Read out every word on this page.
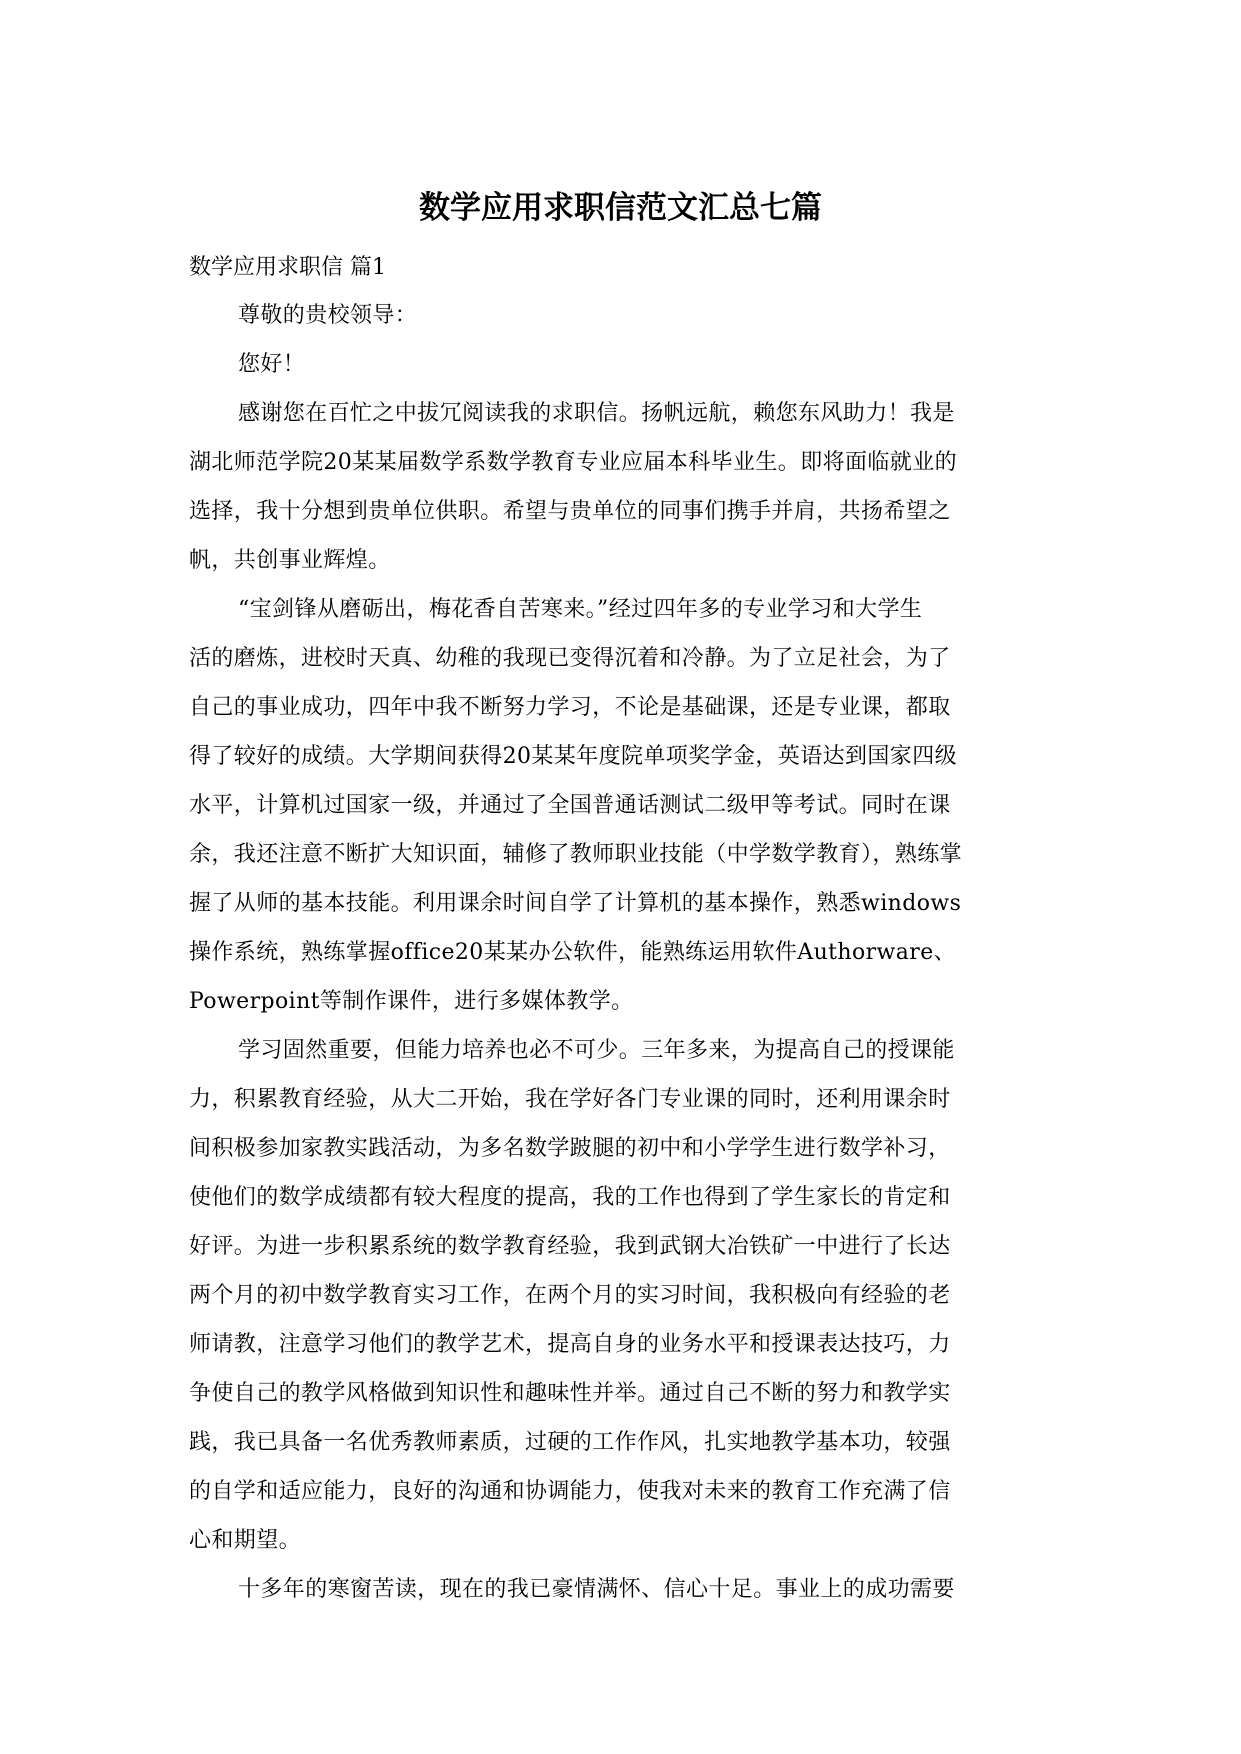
数学应用求职信范文汇总七篇

数学应用求职信 篇1

尊敬的贵校领导：

您好！

感谢您在百忙之中拔冗阅读我的求职信。扬帆远航，赖您东风助力！我是

湖北师范学院20某某届数学系数学教育专业应届本科毕业生。即将面临就业的

选择，我十分想到贵单位供职。希望与贵单位的同事们携手并肩，共扬希望之

帆，共创事业辉煌。

“宝剑锋从磨砺出，梅花香自苦寒来。”经过四年多的专业学习和大学生

活的磨炼，进校时天真、幼稚的我现已变得沉着和冷静。为了立足社会，为了

自己的事业成功，四年中我不断努力学习，不论是基础课，还是专业课，都取

得了较好的成绩。大学期间获得20某某年度院单项奖学金，英语达到国家四级

水平，计算机过国家一级，并通过了全国普通话测试二级甲等考试。同时在课

余，我还注意不断扩大知识面，辅修了教师职业技能（中学数学教育），熟练掌

握了从师的基本技能。利用课余时间自学了计算机的基本操作，熟悉windows

操作系统，熟练掌握office20某某办公软件，能熟练运用软件Authorware、

Powerpoint等制作课件，进行多媒体教学。

学习固然重要，但能力培养也必不可少。三年多来，为提高自己的授课能

力，积累教育经验，从大二开始，我在学好各门专业课的同时，还利用课余时

间积极参加家教实践活动，为多名数学跛腿的初中和小学学生进行数学补习，

使他们的数学成绩都有较大程度的提高，我的工作也得到了学生家长的肯定和

好评。为进一步积累系统的数学教育经验，我到武钢大冶铁矿一中进行了长达

两个月的初中数学教育实习工作，在两个月的实习时间，我积极向有经验的老

师请教，注意学习他们的教学艺术，提高自身的业务水平和授课表达技巧，力

争使自己的教学风格做到知识性和趣味性并举。通过自己不断的努力和教学实

践，我已具备一名优秀教师素质，过硬的工作作风，扎实地教学基本功，较强

的自学和适应能力，良好的沟通和协调能力，使我对未来的教育工作充满了信

心和期望。

十多年的寒窗苦读，现在的我已豪情满怀、信心十足。事业上的成功需要
